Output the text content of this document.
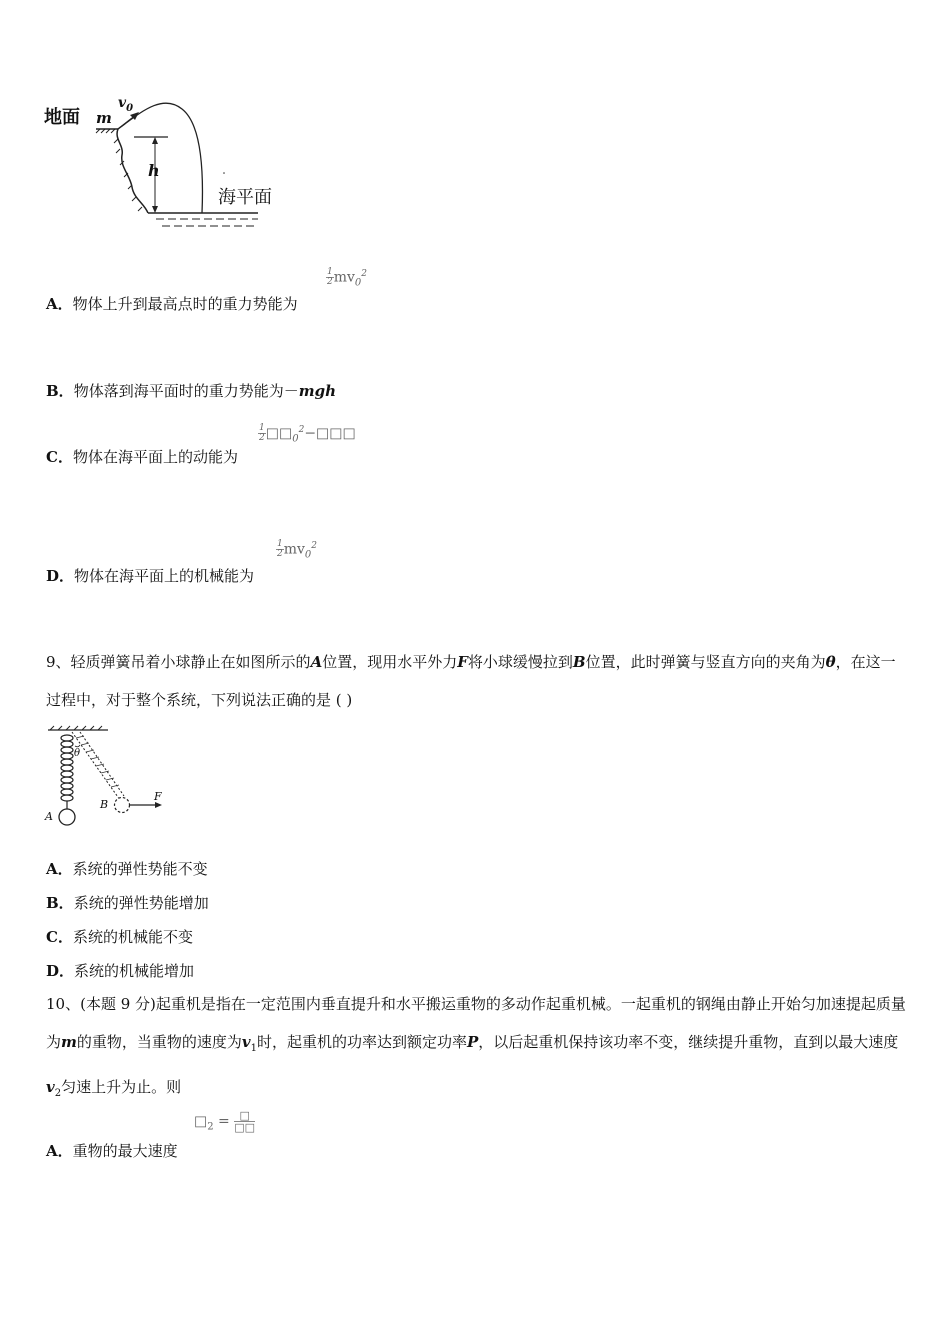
地面 m
$v_0$
h
海平面
$\frac{1}{2} mv_0^2$
A．物体上升到最高点时的重力势能为
B．物体落到海平面时的重力势能为－mgh
$\frac{1}{2}$ $□□_0^2-□□□$
C．物体在海平面上的动能为
$\frac{1}{2} mv_0^2$
D．物体在海平面上的机械能为
9、轻质弹簧吊着小球静止在如图所示的A位置，现用水平外力F将小球缓慢拉到B位置，此时弹簧与竖直方向的夹角为θ，在这一过程中，对于整个系统，下列说法正确的是 ( )
A
B
F
θ
A．系统的弹性势能不变
B．系统的弹性势能增加
C．系统的机械能不变
D．系统的机械能增加
10、(本题 9 分)起重机是指在一定范围内垂直提升和水平搬运重物的多动作起重机械。一起重机的钢绳由静止开始匀加速提起质量为m的重物，当重物的速度为$v_1$时，起重机的功率达到额定功率P，以后起重机保持该功率不变，继续提升重物，直到以最大速度$v_2$匀速上升为止。则
$□_2 = \frac{□}{□□}$
A．重物的最大速度
